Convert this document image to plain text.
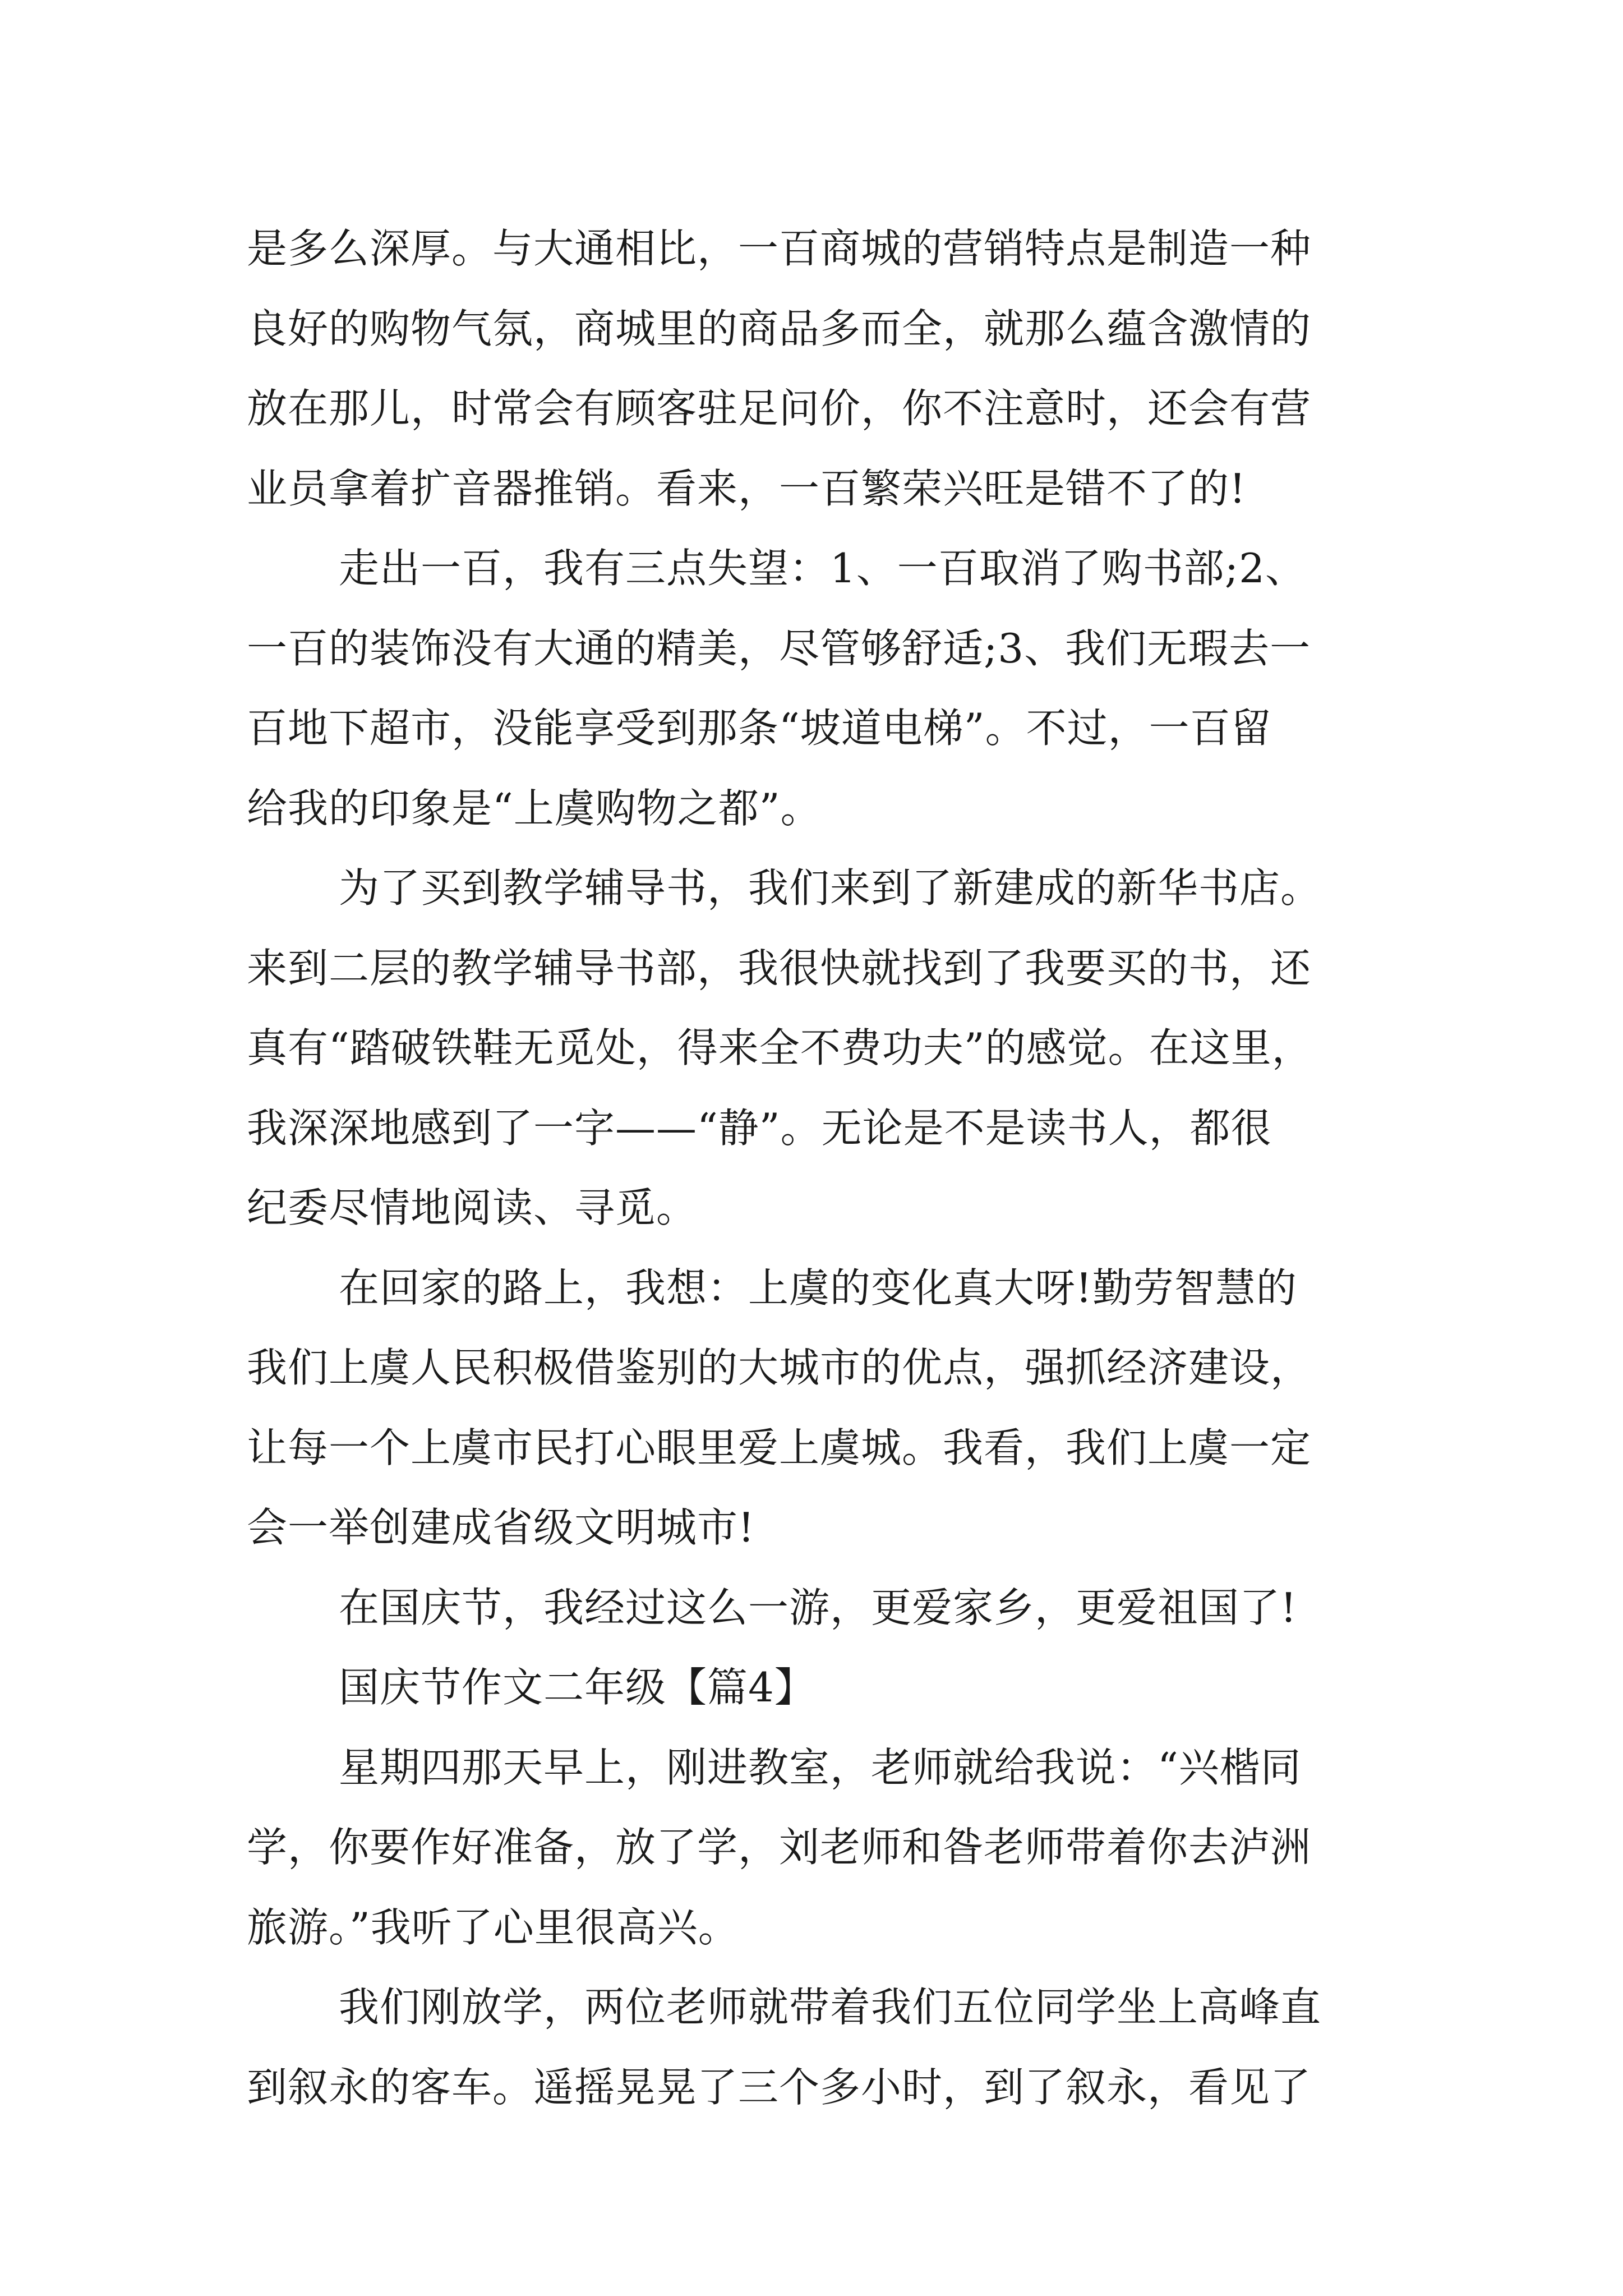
是多么深厚。与大通相比，一百商城的营销特点是制造一种
良好的购物气氛，商城里的商品多而全，就那么蕴含激情的
放在那儿，时常会有顾客驻足问价，你不注意时，还会有营
业员拿着扩音器推销。看来，一百繁荣兴旺是错不了的!
走出一百，我有三点失望：1、一百取消了购书部;2、
一百的装饰没有大通的精美，尽管够舒适;3、我们无瑕去一
百地下超市，没能享受到那条“坡道电梯”。不过，一百留
给我的印象是“上虞购物之都”。
为了买到教学辅导书，我们来到了新建成的新华书店。
来到二层的教学辅导书部，我很快就找到了我要买的书，还
真有“踏破铁鞋无觅处，得来全不费功夫”的感觉。在这里，
我深深地感到了一字——“静”。无论是不是读书人，都很
纪委尽情地阅读、寻觅。
在回家的路上，我想：上虞的变化真大呀!勤劳智慧的
我们上虞人民积极借鉴别的大城市的优点，强抓经济建设，
让每一个上虞市民打心眼里爱上虞城。我看，我们上虞一定
会一举创建成省级文明城市!
在国庆节，我经过这么一游，更爱家乡，更爱祖国了!
国庆节作文二年级【篇4】
星期四那天早上，刚进教室，老师就给我说：“兴楷同
学，你要作好准备，放了学，刘老师和昝老师带着你去泸洲
旅游。”我听了心里很高兴。
我们刚放学，两位老师就带着我们五位同学坐上高峰直
到叙永的客车。遥摇晃晃了三个多小时，到了叙永，看见了
